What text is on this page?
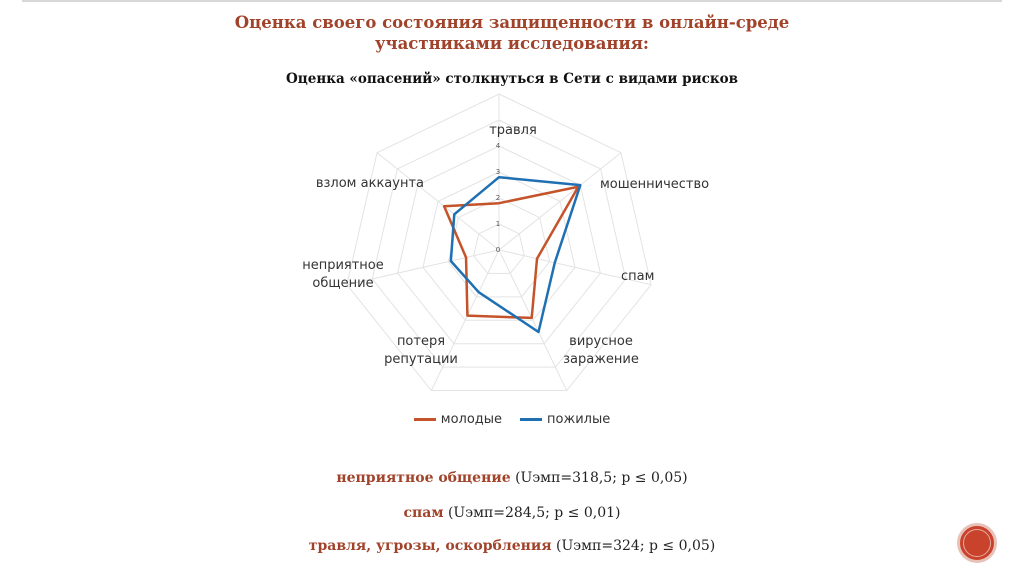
Оценка своего состояния защищенности в онлайн-среде
участниками исследования:
Оценка «опасений» столкнуться в Сети с видами рисков
0
1
2
3
4
травля
мошенничество
спам
вирусное заражение
потеря репутации
неприятное общение
взлом аккаунта
молодые	пожилые
неприятное общение (Uэмп=318,5; p ≤ 0,05)
спам (Uэмп=284,5; p ≤ 0,01)
травля, угрозы, оскорбления (Uэмп=324; p ≤ 0,05)
